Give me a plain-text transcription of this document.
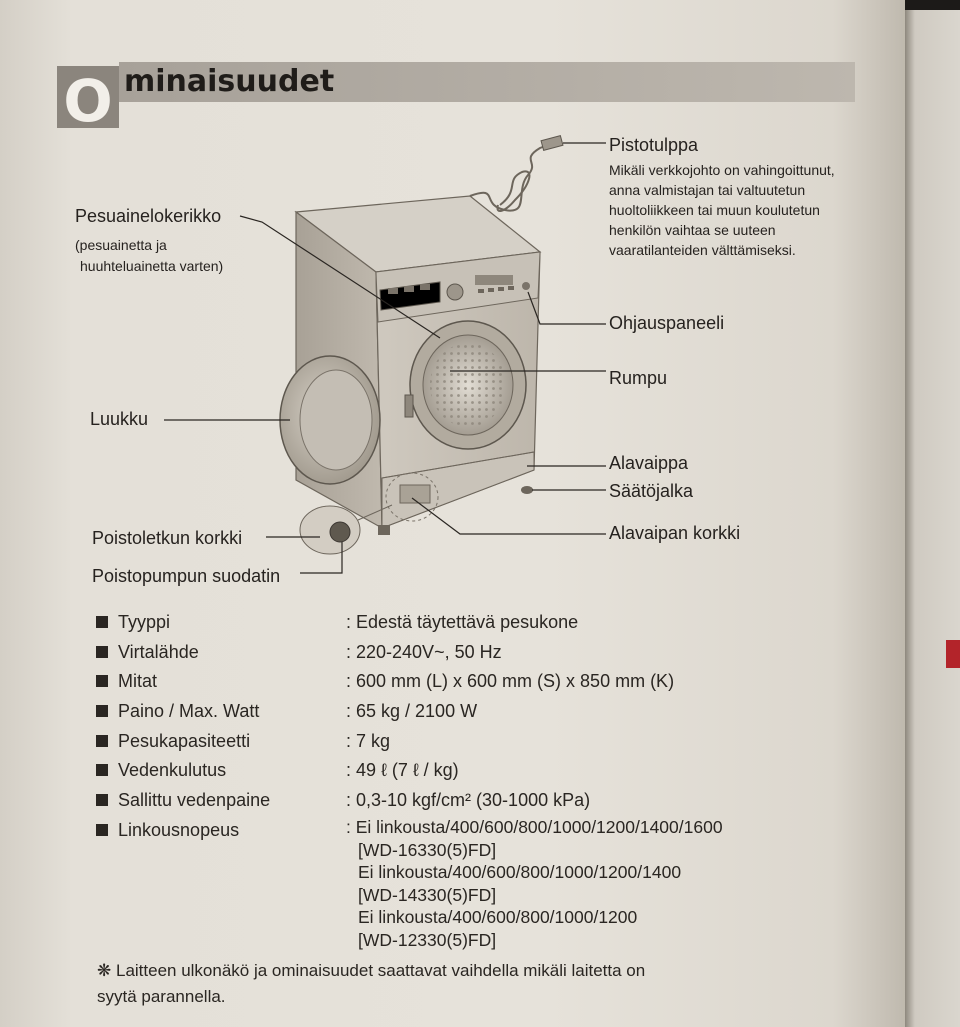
O minaisuudet
Pistotulppa
Mikäli verkkojohto on vahingoittunut,
anna valmistajan tai valtuutetun
huoltoliikkeen tai muun koulutetun
henkilön vaihtaa se uuteen
vaaratilanteiden välttämiseksi.
Pesuainelokerikko
(pesuainetta ja
huuhteluainetta varten)
Ohjauspaneeli
Rumpu
Luukku
Alavaippa
Säätöjalka
Alavaipan korkki
Poistoletkun korkki
Poistopumpun suodatin
Tyyppi	: Edestä täytettävä pesukone
Virtalähde	: 220-240V~, 50 Hz
Mitat	: 600 mm (L) x 600 mm (S) x 850 mm (K)
Paino / Max. Watt	: 65 kg / 2100 W
Pesukapasiteetti	: 7 kg
Vedenkulutus	: 49 ℓ (7 ℓ / kg)
Sallittu vedenpaine	: 0,3-10 kgf/cm² (30-1000 kPa)
Linkousnopeus	: Ei linkousta/400/600/800/1000/1200/1400/1600
[WD-16330(5)FD]
Ei linkousta/400/600/800/1000/1200/1400
[WD-14330(5)FD]
Ei linkousta/400/600/800/1000/1200
[WD-12330(5)FD]
❋ Laitteen ulkonäkö ja ominaisuudet saattavat vaihdella mikäli laitetta on
syytä parannella.
